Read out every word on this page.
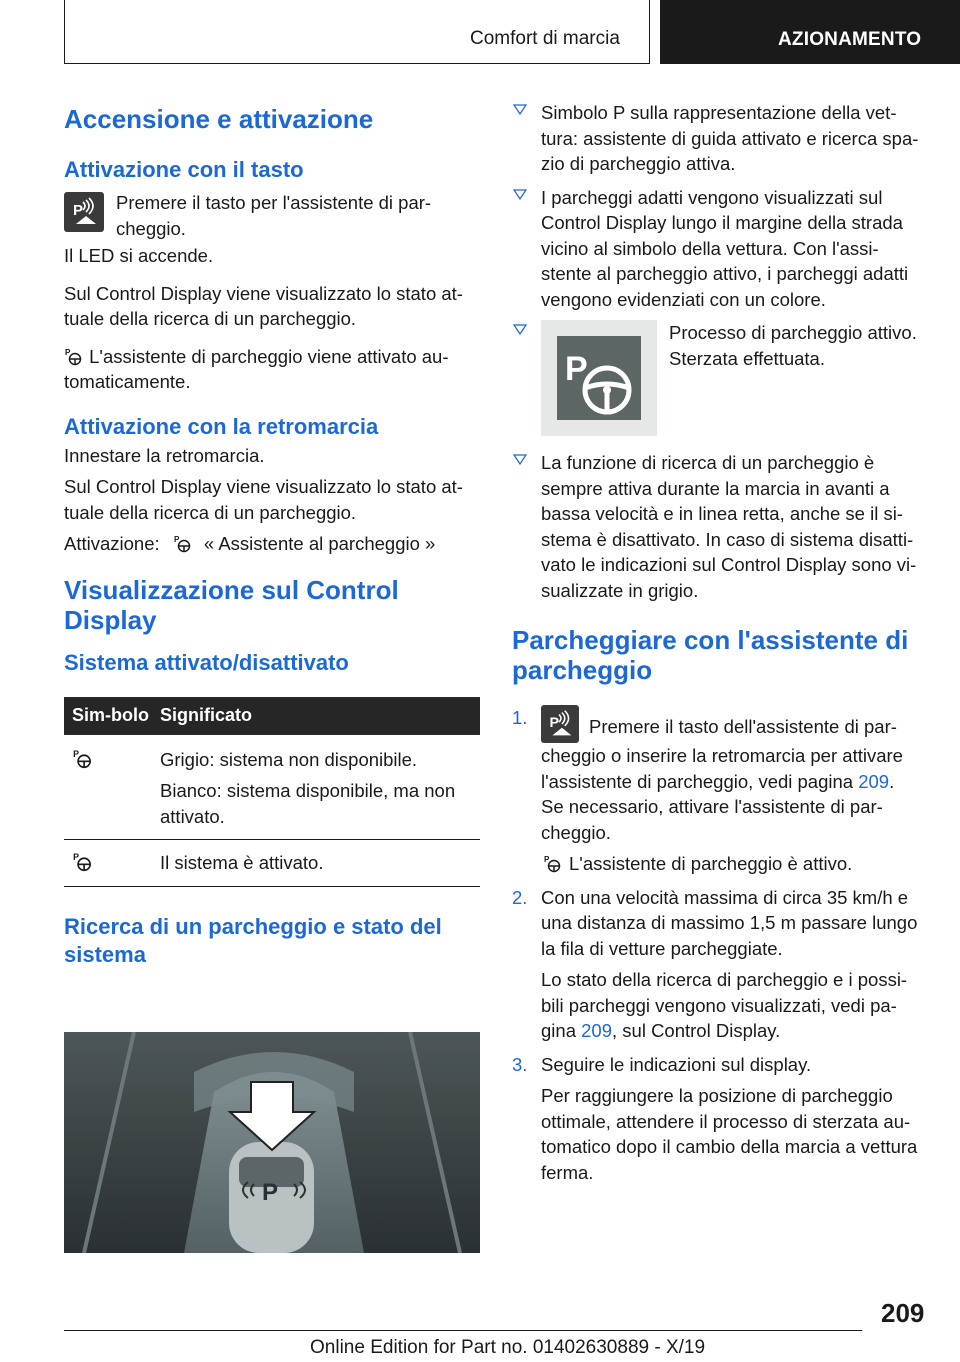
Comfort di marcia	AZIONAMENTO
Accensione e attivazione
Attivazione con il tasto
P Premere il tasto per l'assistente di par-cheggio.
Il LED si accende.
Sul Control Display viene visualizzato lo stato at-tuale della ricerca di un parcheggio.
P L'assistente di parcheggio viene attivato au-tomaticamente.
Attivazione con la retromarcia
Innestare la retromarcia.
Sul Control Display viene visualizzato lo stato at-tuale della ricerca di un parcheggio.
Attivazione: P « Assistente al parcheggio »
Visualizzazione sul Control Display
Sistema attivato/disattivato
Sim-bolo Significato
P	Grigio: sistema non disponibile.
Bianco: sistema disponibile, ma non attivato.
P	Il sistema è attivato.
Ricerca di un parcheggio e stato del sistema
P
Simbolo P sulla rappresentazione della vet-tura: assistente di guida attivato e ricerca spa-zio di parcheggio attiva.
I parcheggi adatti vengono visualizzati sul Control Display lungo il margine della strada vicino al simbolo della vettura. Con l'assi-stente al parcheggio attivo, i parcheggi adatti vengono evidenziati con un colore.
P
Processo di parcheggio attivo. Sterzata effettuata.
La funzione di ricerca di un parcheggio è sempre attiva durante la marcia in avanti a bassa velocità e in linea retta, anche se il si-stema è disattivato. In caso di sistema disatti-vato le indicazioni sul Control Display sono vi-sualizzate in grigio.
Parcheggiare con l'assistente di parcheggio
1. P Premere il tasto dell'assistente di par-cheggio o inserire la retromarcia per attivare l'assistente di parcheggio, vedi pagina 209.
Se necessario, attivare l'assistente di par-cheggio.
P L'assistente di parcheggio è attivo.
2. Con una velocità massima di circa 35 km/h e una distanza di massimo 1,5 m passare lungo la fila di vetture parcheggiate.
Lo stato della ricerca di parcheggio e i possi-bili parcheggi vengono visualizzati, vedi pa-gina 209, sul Control Display.
3. Seguire le indicazioni sul display.
Per raggiungere la posizione di parcheggio ottimale, attendere il processo di sterzata au-tomatico dopo il cambio della marcia a vettura ferma.
209
Online Edition for Part no. 01402630889 - X/19
